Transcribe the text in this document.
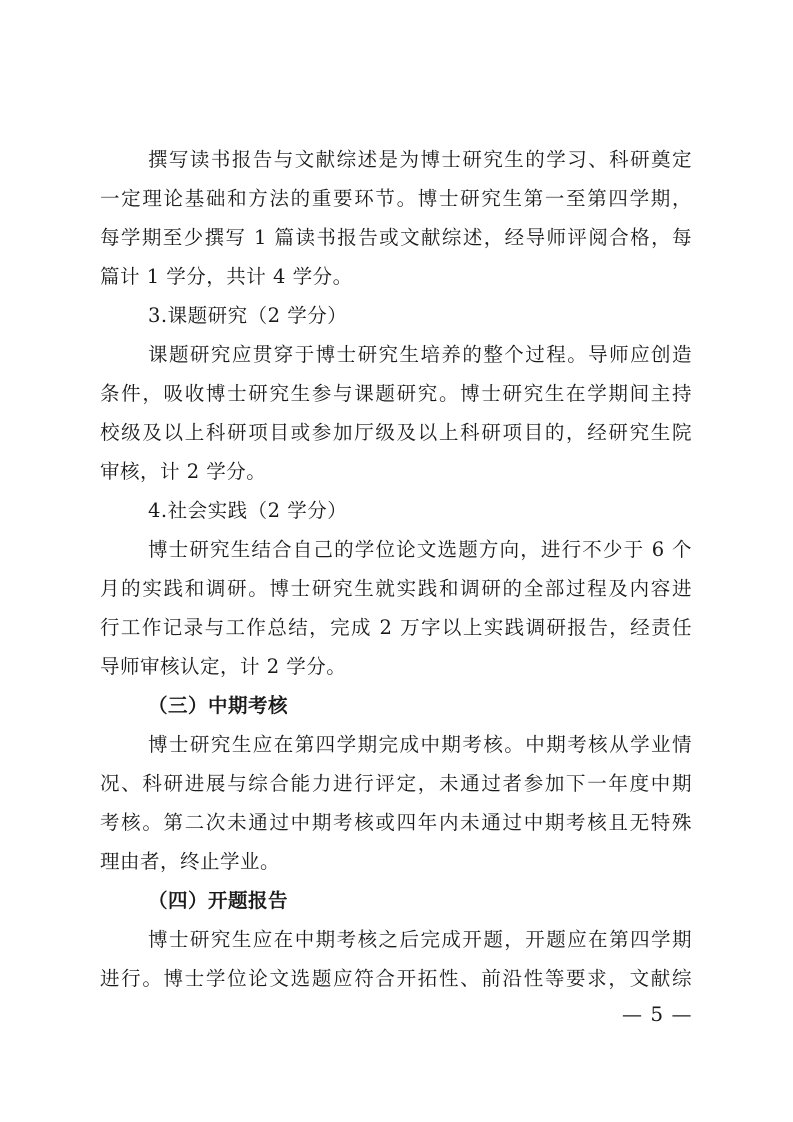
撰写读书报告与文献综述是为博士研究生的学习、科研奠定
一定理论基础和方法的重要环节。博士研究生第一至第四学期，
每学期至少撰写 1 篇读书报告或文献综述，经导师评阅合格，每
篇计 1 学分，共计 4 学分。
3.课题研究（2 学分）
课题研究应贯穿于博士研究生培养的整个过程。导师应创造
条件，吸收博士研究生参与课题研究。博士研究生在学期间主持
校级及以上科研项目或参加厅级及以上科研项目的，经研究生院
审核，计 2 学分。
4.社会实践（2 学分）
博士研究生结合自己的学位论文选题方向，进行不少于 6 个
月的实践和调研。博士研究生就实践和调研的全部过程及内容进
行工作记录与工作总结，完成 2 万字以上实践调研报告，经责任
导师审核认定，计 2 学分。
（三）中期考核
博士研究生应在第四学期完成中期考核。中期考核从学业情
况、科研进展与综合能力进行评定，未通过者参加下一年度中期
考核。第二次未通过中期考核或四年内未通过中期考核且无特殊
理由者，终止学业。
（四）开题报告
博士研究生应在中期考核之后完成开题，开题应在第四学期
进行。博士学位论文选题应符合开拓性、前沿性等要求，文献综
— 5 —
